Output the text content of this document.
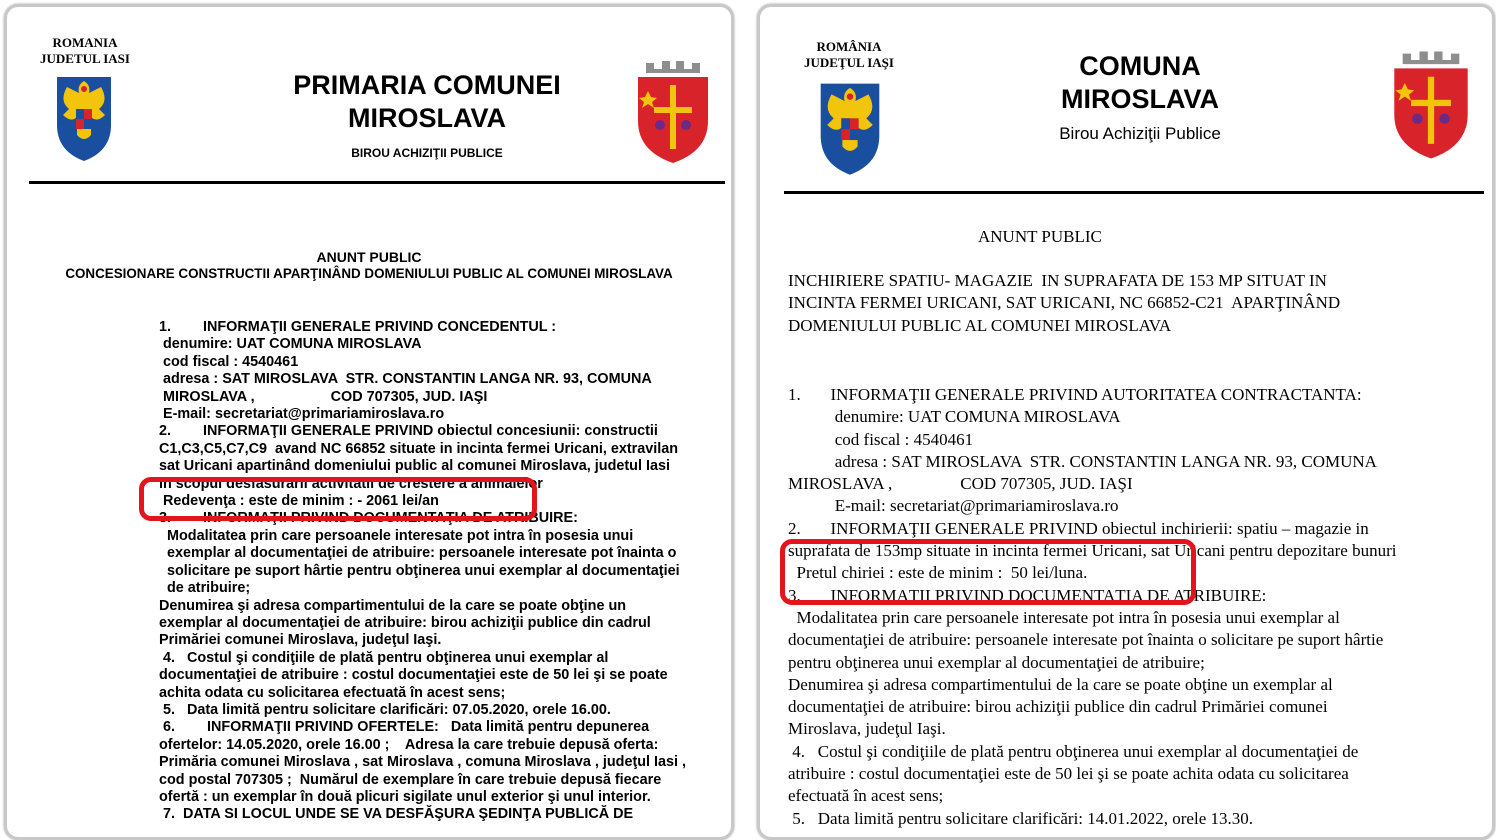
ROMANIA
JUDETUL IASI
PRIMARIA COMUNEI
MIROSLAVA
BIROU ACHIZIŢII PUBLICE
ANUNT PUBLIC
CONCESIONARE CONSTRUCTII APARŢINÂND DOMENIULUI PUBLIC AL COMUNEI MIROSLAVA
1.        INFORMAŢII GENERALE PRIVIND CONCEDENTUL :
denumire: UAT COMUNA MIROSLAVA
cod fiscal : 4540461
adresa : SAT MIROSLAVA  STR. CONSTANTIN LANGA NR. 93, COMUNA
MIROSLAVA ,                   COD 707305, JUD. IAŞI
E-mail: secretariat@primariamiroslava.ro
2.        INFORMAŢII GENERALE PRIVIND obiectul concesiunii: constructii
C1,C3,C5,C7,C9  avand NC 66852 situate in incinta fermei Uricani, extravilan
sat Uricani apartinând domeniului public al comunei Miroslava, judetul Iasi
in scopul desfasurarii activitatii de crestere a animalelor
Redevenţa : este de minim : - 2061 lei/an
3.        INFORMAŢII PRIVIND DOCUMENTAŢIA DE ATRIBUIRE:
Modalitatea prin care persoanele interesate pot intra în posesia unui
exemplar al documentaţiei de atribuire: persoanele interesate pot înainta o
solicitare pe suport hârtie pentru obţinerea unui exemplar al documentaţiei
de atribuire;
Denumirea şi adresa compartimentului de la care se poate obţine un
exemplar al documentaţiei de atribuire: birou achiziţii publice din cadrul
Primăriei comunei Miroslava, judeţul Iaşi.
4.   Costul şi condiţiile de plată pentru obţinerea unui exemplar al
documentaţiei de atribuire : costul documentaţiei este de 50 lei şi se poate
achita odata cu solicitarea efectuată în acest sens;
5.   Data limită pentru solicitare clarificări: 07.05.2020, orele 16.00.
6.        INFORMAŢII PRIVIND OFERTELE:   Data limită pentru depunerea
ofertelor: 14.05.2020, orele 16.00 ;    Adresa la care trebuie depusă oferta:
Primăria comunei Miroslava , sat Miroslava , comuna Miroslava , judeţul Iasi ,
cod postal 707305 ;  Numărul de exemplare în care trebuie depusă fiecare
ofertă : un exemplar în două plicuri sigilate unul exterior şi unul interior.
7.  DATA SI LOCUL UNDE SE VA DESFĂŞURA ŞEDINŢA PUBLICĂ DE
ROMÂNIA
JUDEŢUL IAŞI	COMUNA
MIROSLAVA
Birou Achiziţii Publice
ANUNT PUBLIC
INCHIRIERE SPATIU- MAGAZIE  IN SUPRAFATA DE 153 MP SITUAT IN
INCINTA FERMEI URICANI, SAT URICANI, NC 66852-C21  APARŢINÂND
DOMENIULUI PUBLIC AL COMUNEI MIROSLAVA
1.       INFORMAŢII GENERALE PRIVIND AUTORITATEA CONTRACTANTA:
denumire: UAT COMUNA MIROSLAVA
cod fiscal : 4540461
adresa : SAT MIROSLAVA  STR. CONSTANTIN LANGA NR. 93, COMUNA
MIROSLAVA ,                COD 707305, JUD. IAŞI
E-mail: secretariat@primariamiroslava.ro
2.       INFORMAŢII GENERALE PRIVIND obiectul inchirierii: spatiu – magazie in
suprafata de 153mp situate in incinta fermei Uricani, sat Uricani pentru depozitare bunuri
Pretul chiriei : este de minim :  50 lei/luna.
3.       INFORMAŢII PRIVIND DOCUMENTAŢIA DE ATRIBUIRE:
Modalitatea prin care persoanele interesate pot intra în posesia unui exemplar al
documentaţiei de atribuire: persoanele interesate pot înainta o solicitare pe suport hârtie
pentru obţinerea unui exemplar al documentaţiei de atribuire;
Denumirea şi adresa compartimentului de la care se poate obţine un exemplar al
documentaţiei de atribuire: birou achiziţii publice din cadrul Primăriei comunei
Miroslava, judeţul Iaşi.
4.   Costul şi condiţiile de plată pentru obţinerea unui exemplar al documentaţiei de
atribuire : costul documentaţiei este de 50 lei şi se poate achita odata cu solicitarea
efectuată în acest sens;
5.   Data limită pentru solicitare clarificări: 14.01.2022, orele 13.30.
